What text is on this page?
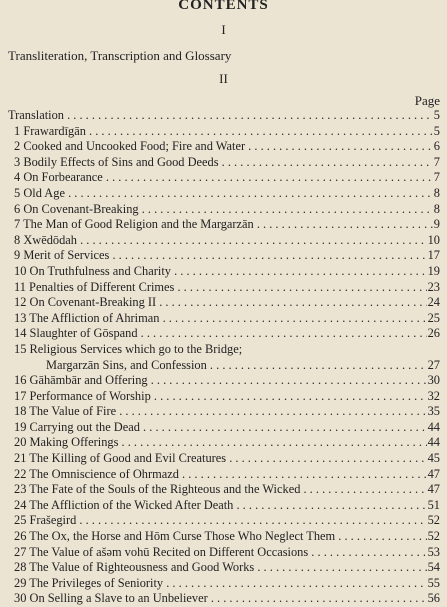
CONTENTS
I
Transliteration, Transcription and Glossary
II
Page
Translation . . .	5
1 Frawardīgān . . .	5
2 Cooked and Uncooked Food; Fire and Water . . .	6
3 Bodily Effects of Sins and Good Deeds . . .	7
4 On Forbearance . . .	7
5 Old Age . . .	8
6 On Covenant-Breaking . . .	8
7 The Man of Good Religion and the Margarzān . . .	9
8 Xwēdōdah . . .	10
9 Merit of Services . . .	17
10 On Truthfulness and Charity . . .	19
11 Penalties of Different Crimes . . .	23
12 On Covenant-Breaking II . . .	24
13 The Affliction of Ahriman . . .	25
14 Slaughter of Gōspand . . .	26
15 Religious Services which go to the Bridge;
Margarzān Sins, and Confession . . .	27
16 Gāhāmbār and Offering . . .	30
17 Performance of Worship . . .	32
18 The Value of Fire . . .	35
19 Carrying out the Dead . . .	44
20 Making Offerings . . .	44
21 The Killing of Good and Evil Creatures . . .	45
22 The Omniscience of Ohrmazd . . .	47
23 The Fate of the Souls of the Righteous and the Wicked . . .	47
24 The Affliction of the Wicked After Death . . .	51
25 Frašegird . . .	52
26 The Ox, the Horse and Hōm Curse Those Who Neglect Them . . .	52
27 The Value of ašəm vohū Recited on Different Occasions . . .	53
28 The Value of Righteousness and Good Works . . .	54
29 The Privileges of Seniority . . .	55
30 On Selling a Slave to an Unbeliever . . .	56
